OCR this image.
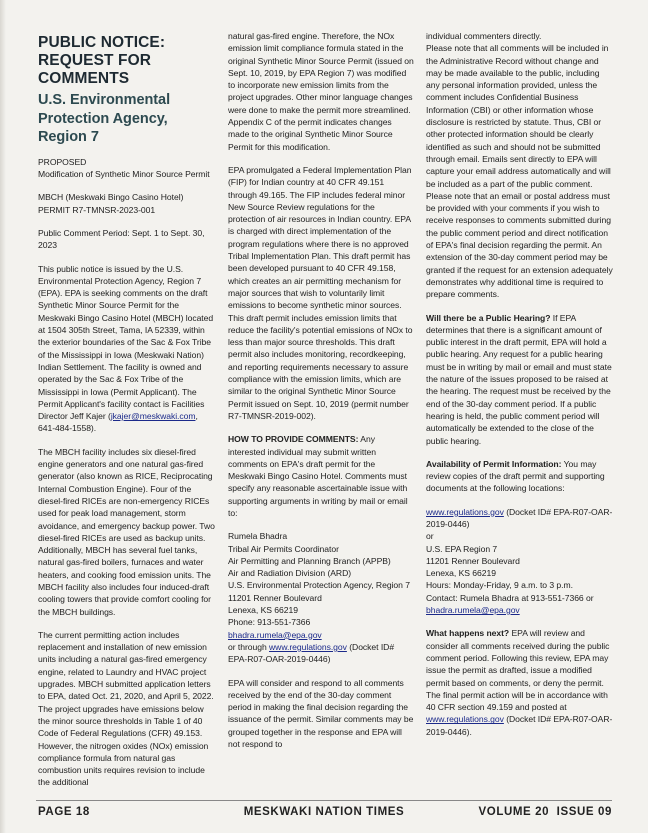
PUBLIC NOTICE: REQUEST FOR COMMENTS
U.S. Environmental Protection Agency, Region 7

PROPOSED
Modification of Synthetic Minor Source Permit

MBCH (Meskwaki Bingo Casino Hotel)
PERMIT R7-TMNSR-2023-001

Public Comment Period: Sept. 1 to Sept. 30, 2023

This public notice is issued by the U.S. Environmental Protection Agency, Region 7 (EPA). EPA is seeking comments on the draft Synthetic Minor Source Permit for the Meskwaki Bingo Casino Hotel (MBCH) located at 1504 305th Street, Tama, IA 52339, within the exterior boundaries of the Sac & Fox Tribe of the Mississippi in Iowa (Meskwaki Nation) Indian Settlement. The facility is owned and operated by the Sac & Fox Tribe of the Mississippi in Iowa (Permit Applicant). The Permit Applicant's facility contact is Facilities Director Jeff Kajer (jkajer@meskwaki.com, 641-484-1558).

The MBCH facility includes six diesel-fired engine generators and one natural gas-fired generator (also known as RICE, Reciprocating Internal Combustion Engine). Four of the diesel-fired RICEs are non-emergency RICEs used for peak load management, storm avoidance, and emergency backup power. Two diesel-fired RICEs are used as backup units. Additionally, MBCH has several fuel tanks, natural gas-fired boilers, furnaces and water heaters, and cooking food emission units. The MBCH facility also includes four induced-draft cooling towers that provide comfort cooling for the MBCH buildings.

The current permitting action includes replacement and installation of new emission units including a natural gas-fired emergency engine, related to Laundry and HVAC project upgrades. MBCH submitted application letters to EPA, dated Oct. 21, 2020, and April 5, 2022. The project upgrades have emissions below the minor source thresholds in Table 1 of 40 Code of Federal Regulations (CFR) 49.153. However, the nitrogen oxides (NOx) emission compliance formula from natural gas combustion units requires revision to include the additional

natural gas-fired engine. Therefore, the NOx emission limit compliance formula stated in the original Synthetic Minor Source Permit (issued on Sept. 10, 2019, by EPA Region 7) was modified to incorporate new emission limits from the project upgrades. Other minor language changes were done to make the permit more streamlined. Appendix C of the permit indicates changes made to the original Synthetic Minor Source Permit for this modification.

EPA promulgated a Federal Implementation Plan (FIP) for Indian country at 40 CFR 49.151 through 49.165. The FIP includes federal minor New Source Review regulations for the protection of air resources in Indian country. EPA is charged with direct implementation of the program regulations where there is no approved Tribal Implementation Plan. This draft permit has been developed pursuant to 40 CFR 49.158, which creates an air permitting mechanism for major sources that wish to voluntarily limit emissions to become synthetic minor sources. This draft permit includes emission limits that reduce the facility's potential emissions of NOx to less than major source thresholds. This draft permit also includes monitoring, recordkeeping, and reporting requirements necessary to assure compliance with the emission limits, which are similar to the original Synthetic Minor Source Permit issued on Sept. 10, 2019 (permit number R7-TMNSR-2019-002).

HOW TO PROVIDE COMMENTS: Any interested individual may submit written comments on EPA's draft permit for the Meskwaki Bingo Casino Hotel. Comments must specify any reasonable ascertainable issue with supporting arguments in writing by mail or email to:

Rumela Bhadra
Tribal Air Permits Coordinator
Air Permitting and Planning Branch (APPB)
Air and Radiation Division (ARD)
U.S. Environmental Protection Agency, Region 7 11201 Renner Boulevard
Lenexa, KS 66219
Phone: 913-551-7366
bhadra.rumela@epa.gov
or through www.regulations.gov (Docket ID# EPA-R07-OAR-2019-0446)

EPA will consider and respond to all comments received by the end of the 30-day comment period in making the final decision regarding the issuance of the permit. Similar comments may be grouped together in the response and EPA will not respond to

individual commenters directly.
Please note that all comments will be included in the Administrative Record without change and may be made available to the public, including any personal information provided, unless the comment includes Confidential Business Information (CBI) or other information whose disclosure is restricted by statute. Thus, CBI or other protected information should be clearly identified as such and should not be submitted through email. Emails sent directly to EPA will capture your email address automatically and will be included as a part of the public comment. Please note that an email or postal address must be provided with your comments if you wish to receive responses to comments submitted during the public comment period and direct notification of EPA's final decision regarding the permit. An extension of the 30-day comment period may be granted if the request for an extension adequately demonstrates why additional time is required to prepare comments.

Will there be a Public Hearing? If EPA determines that there is a significant amount of public interest in the draft permit, EPA will hold a public hearing. Any request for a public hearing must be in writing by mail or email and must state the nature of the issues proposed to be raised at the hearing. The request must be received by the end of the 30-day comment period. If a public hearing is held, the public comment period will automatically be extended to the close of the public hearing.

Availability of Permit Information: You may review copies of the draft permit and supporting documents at the following locations:

www.regulations.gov (Docket ID# EPA-R07-OAR-2019-0446)
or
U.S. EPA Region 7
11201 Renner Boulevard
Lenexa, KS 66219
Hours: Monday-Friday, 9 a.m. to 3 p.m.
Contact: Rumela Bhadra at 913-551-7366 or bhadra.rumela@epa.gov

What happens next? EPA will review and consider all comments received during the public comment period. Following this review, EPA may issue the permit as drafted, issue a modified permit based on comments, or deny the permit. The final permit action will be in accordance with 40 CFR section 49.159 and posted at www.regulations.gov (Docket ID# EPA-R07-OAR-2019-0446).

PAGE 18	MESKWAKI NATION TIMES	VOLUME 20  ISSUE 09
